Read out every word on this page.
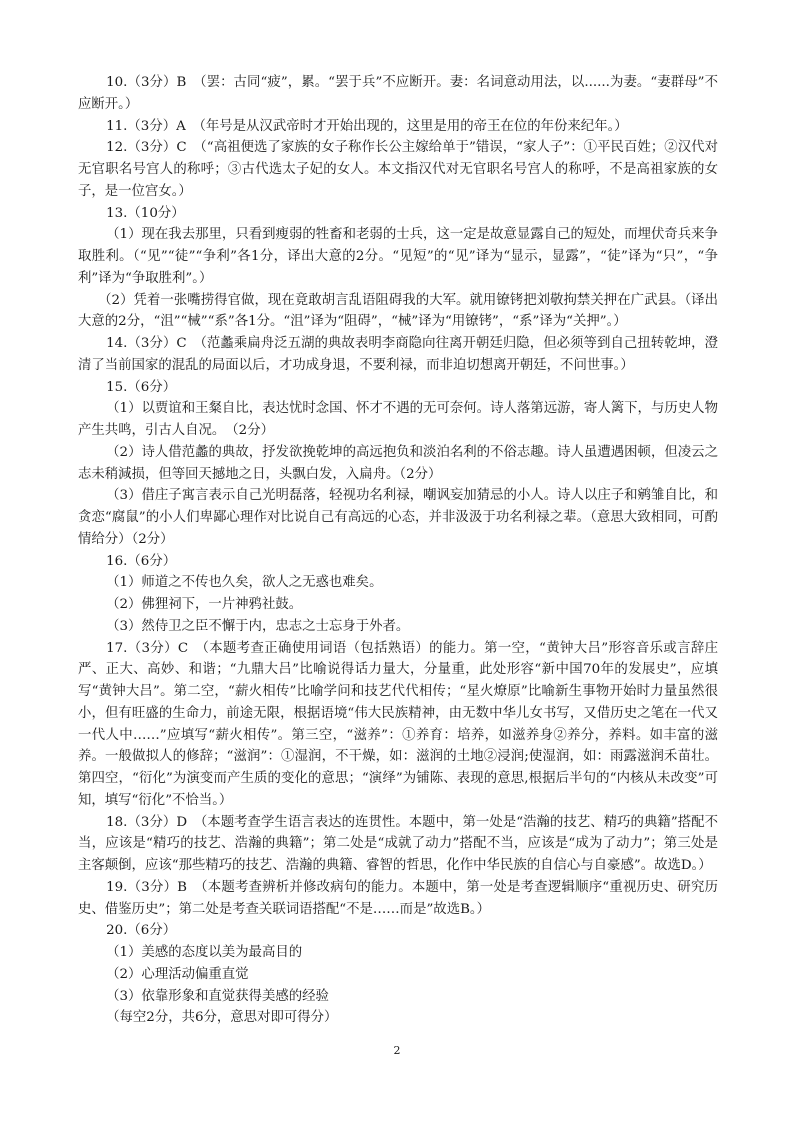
10.（3分）B　（罢：古同“疲”，累。“罢于兵”不应断开。妻：名词意动用法，以......为妻。“妻群母”不应断开。）

11.（3分）A　（年号是从汉武帝时才开始出现的，这里是用的帝王在位的年份来纪年。）

12.（3分）C　（“高祖便选了家族的女子称作长公主嫁给单于”错误，“家人子”：①平民百姓；②汉代对无官职名号宫人的称呼；③古代选太子妃的女人。本文指汉代对无官职名号宫人的称呼，不是高祖家族的女子，是一位宫女。）

13.（10分）

（1）现在我去那里，只看到瘦弱的牲畜和老弱的士兵，这一定是故意显露自己的短处，而埋伏奇兵来争取胜利。（“见”“徒”“争利”各1分，译出大意的2分。“见短”的“见”译为“显示，显露”，“徒”译为“只”，“争利”译为“争取胜利”。）

（2）凭着一张嘴捞得官做，现在竟敢胡言乱语阻碍我的大军。就用镣铐把刘敬拘禁关押在广武县。（译出大意的2分，“沮”“械”“系”各1分。“沮”译为“阻碍”，“械”译为“用镣铐”，“系”译为“关押”。）

14.（3分）C　（范蠡乘扁舟泛五湖的典故表明李商隐向往离开朝廷归隐，但必须等到自己扭转乾坤，澄清了当前国家的混乱的局面以后，才功成身退，不要利禄，而非迫切想离开朝廷，不问世事。）

15.（6分）

（1）以贾谊和王粲自比，表达忧时念国、怀才不遇的无可奈何。诗人落第远游，寄人篱下，与历史人物产生共鸣，引古人自况。　（2分）

（2）诗人借范蠡的典故，抒发欲挽乾坤的高远抱负和淡泊名利的不俗志趣。诗人虽遭遇困顿，但凌云之志未稍減损，但等回天撼地之日，头飘白发，入扁舟。（2分）

（3）借庄子寓言表示自己光明磊落，轻视功名利禄，嘲讽妄加猜忌的小人。诗人以庄子和鹓雏自比，和贪恋“腐鼠”的小人们卑鄙心理作对比说自己有高远的心态，并非汲汲于功名利禄之辈。（意思大致相同，可酌情给分）（2分）

16.（6分）

（1）师道之不传也久矣，欲人之无惑也难矣。

（2）佛狸祠下，一片神鸦社鼓。

（3）然侍卫之臣不懈于内，忠志之士忘身于外者。

17.（3分）C　（本题考查正确使用词语（包括熟语）的能力。第一空，“黄钟大吕”形容音乐或言辞庄严、正大、高妙、和谐；“九鼎大吕”比喻说得话力量大，分量重，此处形容“新中国70年的发展史”，应填写“黄钟大吕”。第二空，“薪火相传”比喻学问和技艺代代相传；“星火燎原”比喻新生事物开始时力量虽然很小，但有旺盛的生命力，前途无限，根据语境“伟大民族精神，由无数中华儿女书写，又借历史之笔在一代又一代人中……”应填写“薪火相传”。第三空，“滋养”：①养育：培养，如滋养身②养分，养料。如丰富的滋养。一般做拟人的修辞；“滋润”：①湿润，不干燥，如：滋润的土地②浸润;使湿润，如：雨露滋润禾苗壮。第四空，“衍化”为演变而产生质的变化的意思；“演绎”为铺陈、表现的意思,根据后半句的“内核从未改变”可知，填写“衍化”不恰当。）

18.（3分）D　（本题考查学生语言表达的连贯性。本题中，第一处是“浩瀚的技艺、精巧的典籍”搭配不当，应该是“精巧的技艺、浩瀚的典籍”；第二处是“成就了动力”搭配不当，应该是“成为了动力”；第三处是主客颠倒，应该“那些精巧的技艺、浩瀚的典籍、睿智的哲思，化作中华民族的自信心与自豪感”。故选D。）

19.（3分）B　（本题考查辨析并修改病句的能力。本题中，第一处是考查逻辑顺序“重视历史、研究历史、借鉴历史”；第二处是考查关联词语搭配“不是……而是”故选B。）

20.（6分）

（1）美感的态度以美为最高目的

（2）心理活动偏重直觉

（3）依靠形象和直觉获得美感的经验

（每空2分，共6分，意思对即可得分）

2
